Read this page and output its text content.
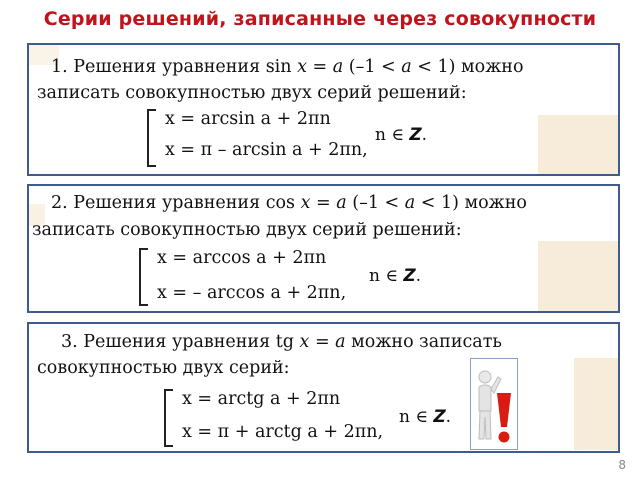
Серии решений, записанные через совокупности
1. Решения уравнения sin x = a (–1 < a < 1) можно
записать совокупностью двух серий решений:
x = arcsin a + 2πn
x = π – arcsin a + 2πn,
n ∈ Z.
2. Решения уравнения cos x = a (–1 < a < 1) можно
записать совокупностью двух серий решений:
x = arccos a + 2πn
x = – arccos a + 2πn,
n ∈ Z.
3. Решения уравнения tg x = a можно записать
совокупностью двух серий:
x = arctg a + 2πn
x = π + arctg a + 2πn,
n ∈ Z.
8
